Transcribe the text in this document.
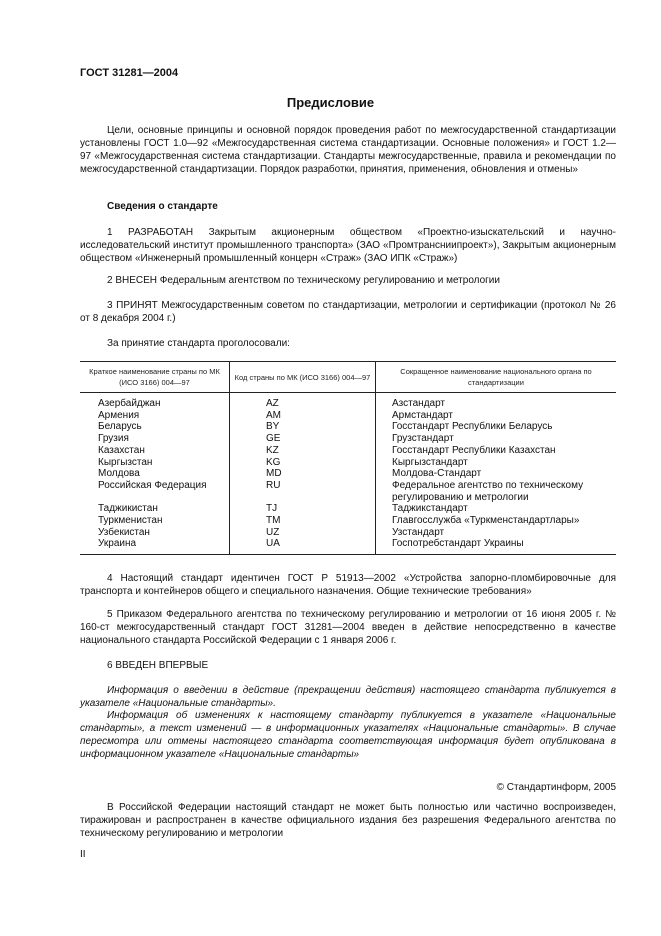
ГОСТ 31281—2004
Предисловие
Цели, основные принципы и основной порядок проведения работ по межгосударственной стандартизации установлены ГОСТ 1.0—92 «Межгосударственная система стандартизации. Основные положения» и ГОСТ 1.2—97 «Межгосударственная система стандартизации. Стандарты межгосударственные, правила и рекомендации по межгосударственной стандартизации. Порядок разработки, принятия, применения, обновления и отмены»
Сведения о стандарте
1 РАЗРАБОТАН Закрытым акционерным обществом «Проектно-изыскательский и научно-исследовательский институт промышленного транспорта» (ЗАО «Промтрансниипроект»), Закрытым акционерным обществом «Инженерный промышленный концерн «Страж» (ЗАО ИПК «Страж»)
2 ВНЕСЕН Федеральным агентством по техническому регулированию и метрологии
3 ПРИНЯТ Межгосударственным советом по стандартизации, метрологии и сертификации (протокол № 26 от 8 декабря 2004 г.)
За принятие стандарта проголосовали:
Краткое наименование страны по МК (ИСО 3166) 004—97	Код страны по МК (ИСО 3166) 004—97	Сокращенное наименование национального органа по стандартизации
Азербайджан	AZ	Азстандарт
Армения	AM	Армстандарт
Беларусь	BY	Госстандарт Республики Беларусь
Грузия	GE	Грузстандарт
Казахстан	KZ	Госстандарт Республики Казахстан
Кыргызстан	KG	Кыргызстандарт
Молдова	MD	Молдова-Стандарт
Российская Федерация	RU	Федеральное агентство по техническому регулированию и метрологии
Таджикистан	TJ	Таджикстандарт
Туркменистан	TM	Главгосслужба «Туркменстандартлары»
Узбекистан	UZ	Узстандарт
Украина	UA	Госпотребстандарт Украины
4 Настоящий стандарт идентичен ГОСТ Р 51913—2002 «Устройства запорно-пломбировочные для транспорта и контейнеров общего и специального назначения. Общие технические требования»
5 Приказом Федерального агентства по техническому регулированию и метрологии от 16 июня 2005 г. № 160-ст межгосударственный стандарт ГОСТ 31281—2004 введен в действие непосредственно в качестве национального стандарта Российской Федерации с 1 января 2006 г.
6 ВВЕДЕН ВПЕРВЫЕ
Информация о введении в действие (прекращении действия) настоящего стандарта публикуется в указателе «Национальные стандарты».
Информация об изменениях к настоящему стандарту публикуется в указателе «Национальные стандарты», а текст изменений — в информационных указателях «Национальные стандарты». В случае пересмотра или отмены настоящего стандарта соответствующая информация будет опубликована в информационном указателе «Национальные стандарты»
© Стандартинформ, 2005
В Российской Федерации настоящий стандарт не может быть полностью или частично воспроизведен, тиражирован и распространен в качестве официального издания без разрешения Федерального агентства по техническому регулированию и метрологии
II
